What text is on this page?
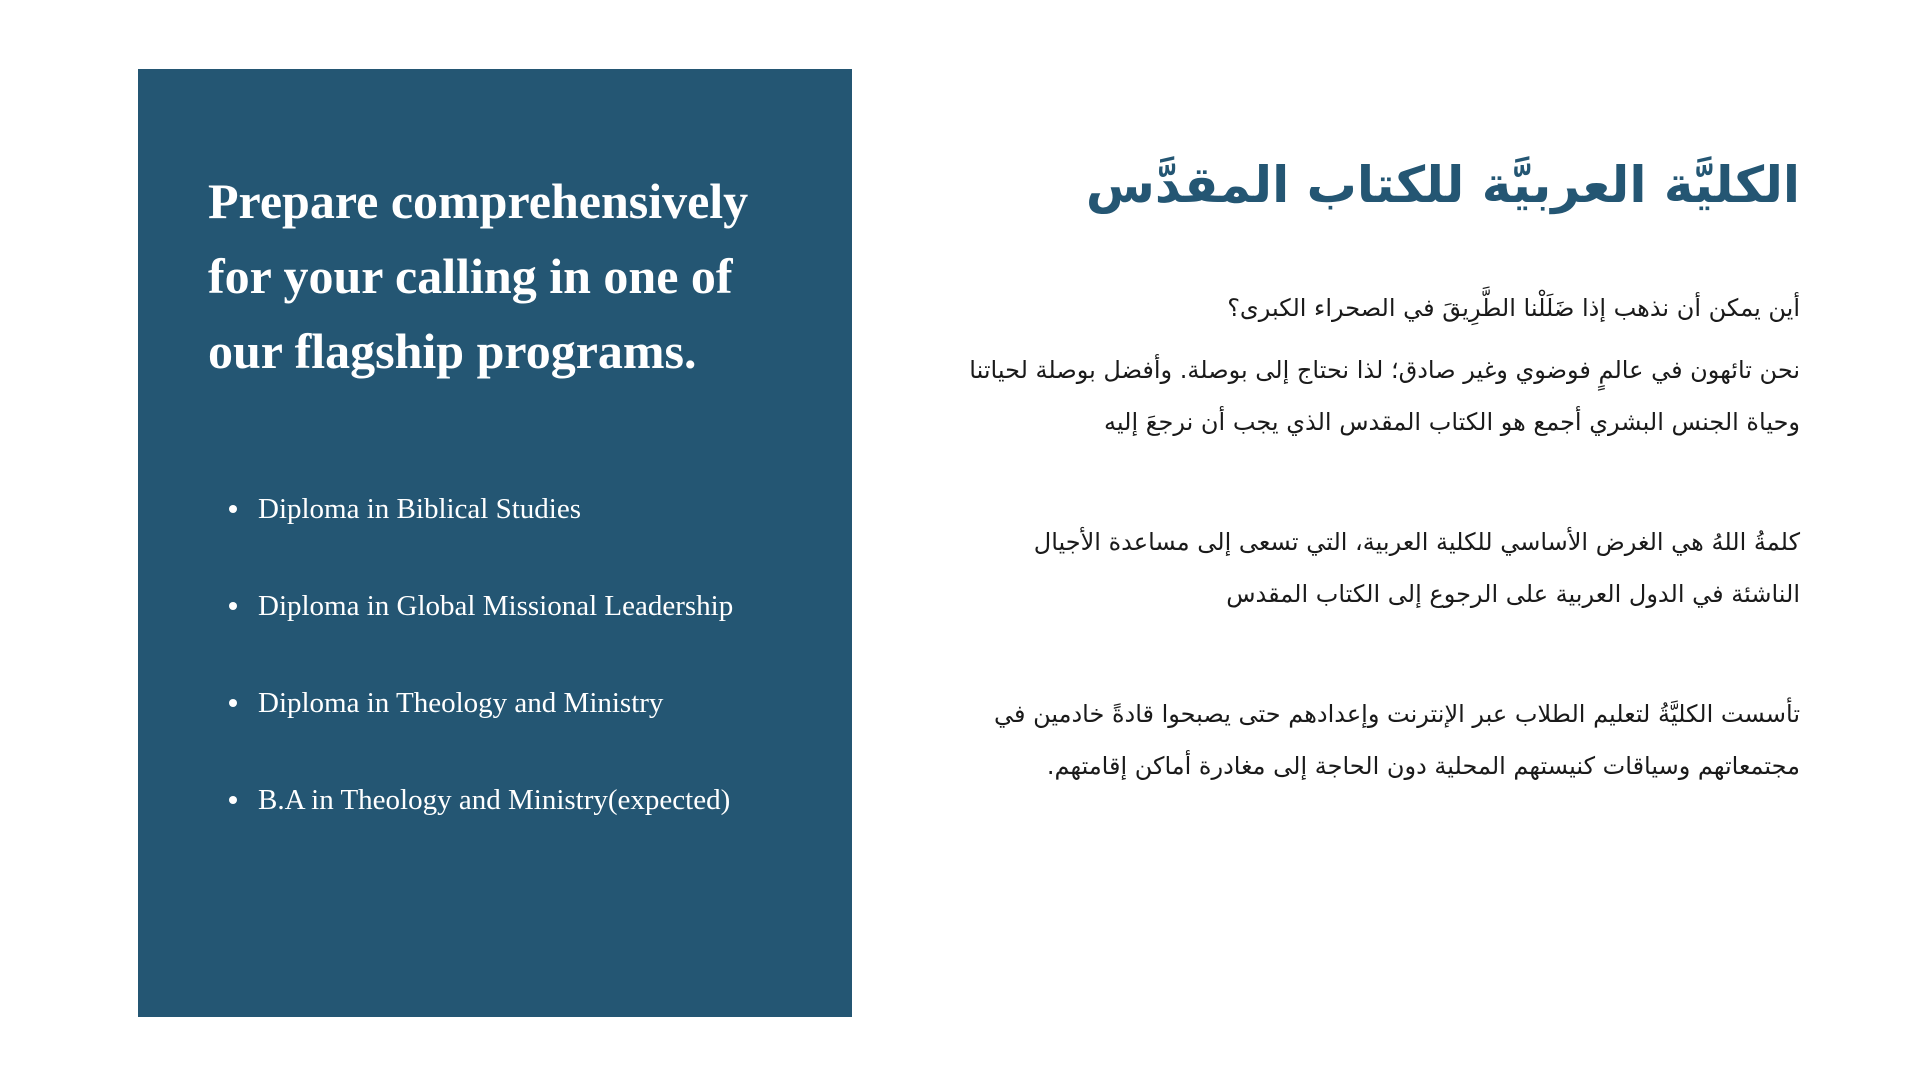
Prepare comprehensively for your calling in one of our flagship programs.
Diploma in Biblical Studies
Diploma in Global Missional Leadership
Diploma in Theology and Ministry
B.A in Theology and Ministry(expected)
الكليَّة العربيَّة للكتاب المقدَّس

أين يمكن أن نذهب إذا ضَلَلْنا الطَّرِيقَ في الصحراء الكبرى؟

نحن تائهون في عالمٍ فوضوي وغير صادق؛ لذا نحتاج إلى بوصلة. وأفضل بوصلة لحياتنا وحياة الجنس البشري أجمع هو الكتاب المقدس الذي يجب أن نرجعَ إليه

كلمةُ اللهُ هي الغرض الأساسي للكلية العربية، التي تسعى إلى مساعدة الأجيال الناشئة في الدول العربية على الرجوع إلى الكتاب المقدس

تأسست الكليَّةُ لتعليم الطلاب عبر الإنترنت وإعدادهم حتى يصبحوا قادةً خادمين في مجتمعاتهم وسياقات كنيستهم المحلية دون الحاجة إلى مغادرة أماكن إقامتهم.
